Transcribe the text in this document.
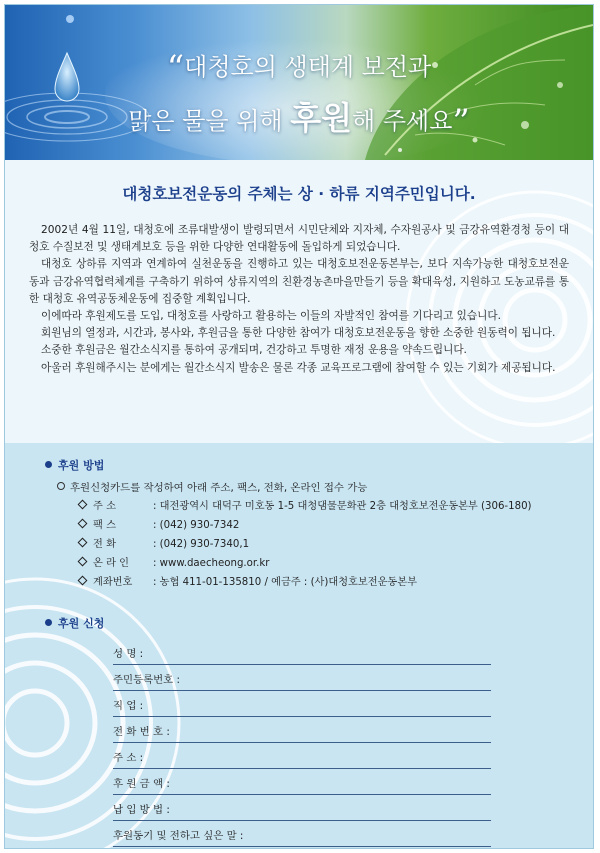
“대청호의 생태계 보전과
맑은 물을 위해 후원해 주세요”
대청호보전운동의 주체는 상 · 하류 지역주민입니다.

2002년 4월 11일, 대청호에 조류대발생이 발령되면서 시민단체와 지자체, 수자원공사 및 금강유역환경청 등이 대청호 수질보전 및 생태계보호 등을 위한 다양한 연대활동에 돌입하게 되었습니다.

대청호 상하류 지역과 연계하여 실천운동을 진행하고 있는 대청호보전운동본부는, 보다 지속가능한 대청호보전운동과 금강유역협력체계를 구축하기 위하여 상류지역의 친환경농촌마을만들기 등을 확대육성, 지원하고 도농교류를 통한 대청호 유역공동체운동에 집중할 계획입니다.

이에따라 후원제도를 도입, 대청호를 사랑하고 활용하는 이들의 자발적인 참여를 기다리고 있습니다.

회원님의 열정과, 시간과, 봉사와, 후원금을 통한 다양한 참여가 대청호보전운동을 향한 소중한 원동력이 됩니다.

소중한 후원금은 월간소식지를 통하여 공개되며, 건강하고 투명한 재정 운용을 약속드립니다.

아울러 후원해주시는 분에게는 월간소식지 발송은 물론 각종 교육프로그램에 참여할 수 있는 기회가 제공됩니다.

후원 방법
후원신청카드를 작성하여 아래 주소, 팩스, 전화, 온라인 접수 가능
주 소	: 대전광역시 대덕구 미호동 1-5 대청댐물문화관 2층 대청호보전운동본부 (306-180)
팩 스	: (042) 930-7342
전 화	: (042) 930-7340,1
온 라 인 : www.daecheong.or.kr
계좌번호 : 농협 411-01-135810 / 예금주 : (사)대청호보전운동본부
후원 신청
성 명 :
주민등록번호 :
직 업 :
전 화 번 호 :
주 소 :
후 원 금 액 :
납 입 방 법 :
후원동기 및 전하고 싶은 말 :
